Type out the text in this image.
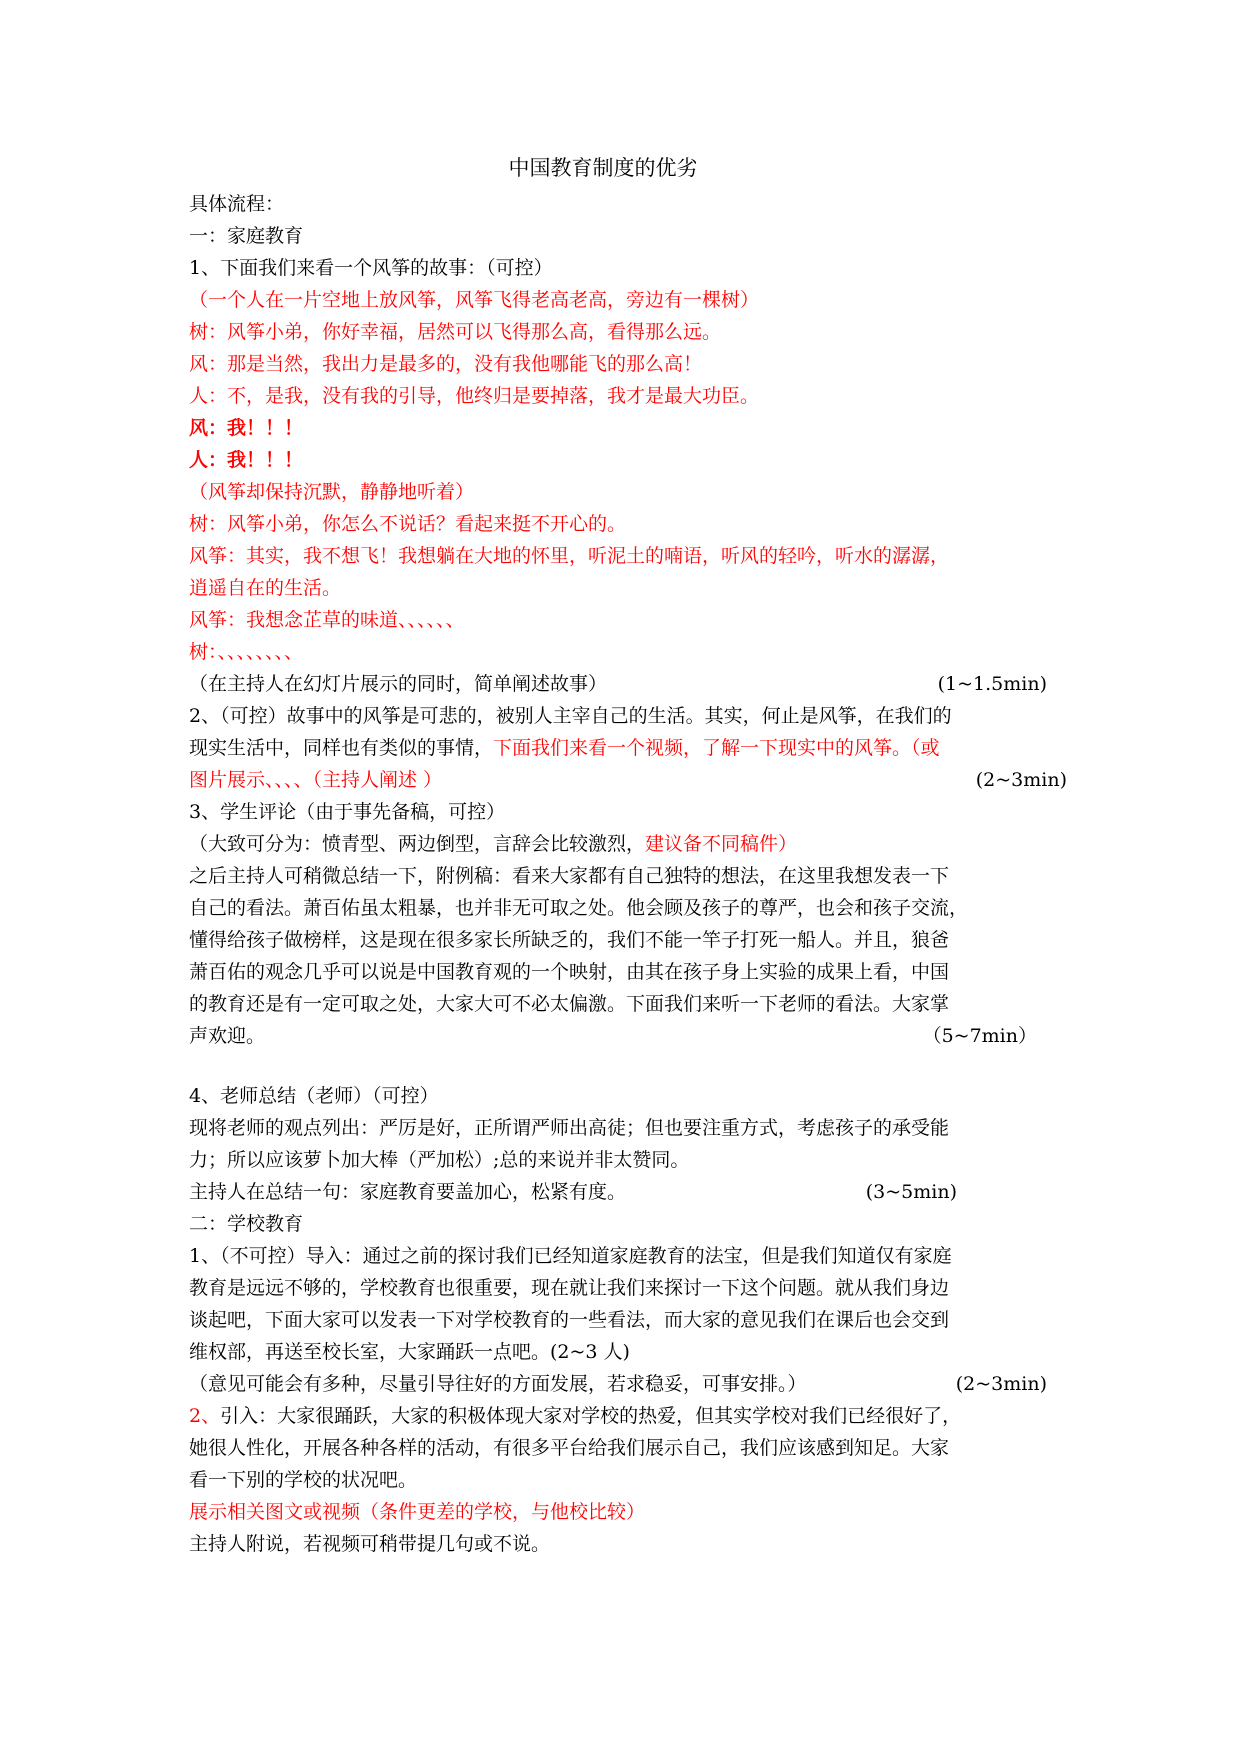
中国教育制度的优劣
具体流程：
一：家庭教育
1、下面我们来看一个风筝的故事：（可控）
（一个人在一片空地上放风筝，风筝飞得老高老高，旁边有一棵树）
树：风筝小弟，你好幸福，居然可以飞得那么高，看得那么远。
风：那是当然，我出力是最多的，没有我他哪能飞的那么高！
人：不，是我，没有我的引导，他终归是要掉落，我才是最大功臣。
风：我！！！
人：我！！！
（风筝却保持沉默，静静地听着）
树：风筝小弟，你怎么不说话？看起来挺不开心的。
风筝：其实，我不想飞！我想躺在大地的怀里，听泥土的喃语，听风的轻吟，听水的潺潺，
逍遥自在的生活。
风筝：我想念芷草的味道、、、、、、
树：、、、、、、、、
（在主持人在幻灯片展示的同时，简单阐述故事）	(1~1.5min)
2、（可控）故事中的风筝是可悲的，被别人主宰自己的生活。其实，何止是风筝，在我们的
现实生活中，同样也有类似的事情，下面我们来看一个视频，了解一下现实中的风筝。（或
图片展示、、、、（主持人阐述 ）	(2~3min)
3、学生评论（由于事先备稿，可控）
（大致可分为：愤青型、两边倒型，言辞会比较激烈，建议备不同稿件）
之后主持人可稍微总结一下，附例稿：看来大家都有自己独特的想法，在这里我想发表一下
自己的看法。萧百佑虽太粗暴，也并非无可取之处。他会顾及孩子的尊严，也会和孩子交流，
懂得给孩子做榜样，这是现在很多家长所缺乏的，我们不能一竿子打死一船人。并且，狼爸
萧百佑的观念几乎可以说是中国教育观的一个映射，由其在孩子身上实验的成果上看，中国
的教育还是有一定可取之处，大家大可不必太偏激。下面我们来听一下老师的看法。大家掌
声欢迎。	（5~7min）
4、老师总结（老师）（可控）
现将老师的观点列出：严厉是好，正所谓严师出高徒；但也要注重方式，考虑孩子的承受能
力；所以应该萝卜加大棒（严加松）;总的来说并非太赞同。
主持人在总结一句：家庭教育要盖加心，松紧有度。	(3~5min)
二：学校教育
1、（不可控）导入：通过之前的探讨我们已经知道家庭教育的法宝，但是我们知道仅有家庭
教育是远远不够的，学校教育也很重要，现在就让我们来探讨一下这个问题。就从我们身边
谈起吧，下面大家可以发表一下对学校教育的一些看法，而大家的意见我们在课后也会交到
维权部，再送至校长室，大家踊跃一点吧。(2~3 人)
（意见可能会有多种，尽量引导往好的方面发展，若求稳妥，可事安排。）	(2~3min)
2、引入：大家很踊跃，大家的积极体现大家对学校的热爱，但其实学校对我们已经很好了，
她很人性化，开展各种各样的活动，有很多平台给我们展示自己，我们应该感到知足。大家
看一下别的学校的状况吧。
展示相关图文或视频（条件更差的学校，与他校比较）
主持人附说，若视频可稍带提几句或不说。
